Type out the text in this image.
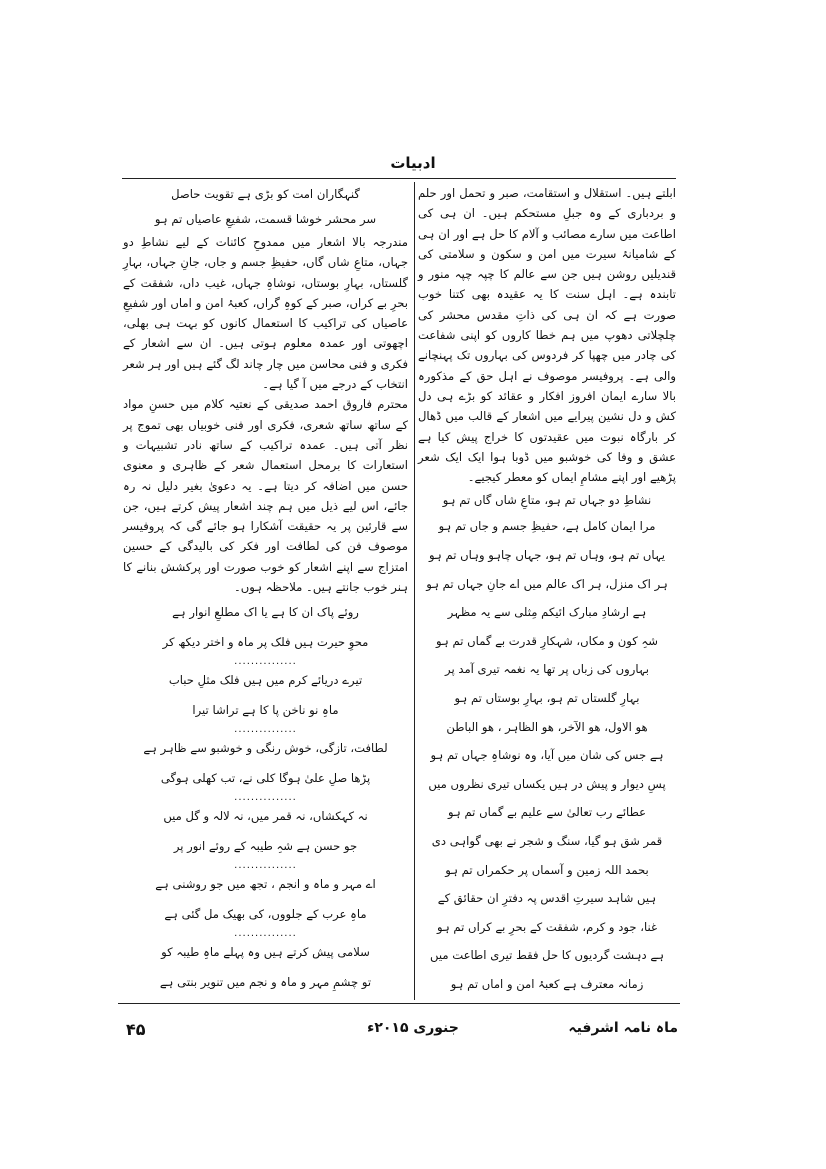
ادبیات

ابلتے ہیں۔ استقلال و استقامت، صبر و تحمل اور حلم و بردباری کے وہ جبلِ مستحکم ہیں۔ ان ہی کی اطاعت میں سارے مصائب و آلام کا حل ہے اور ان ہی کے شامیانۂ سیرت میں امن و سکون و سلامتی کی قندیلیں روشن ہیں جن سے عالم کا چپہ چپہ منور و تابندہ ہے۔ اہل سنت کا یہ عقیدہ بھی کتنا خوب صورت ہے کہ ان ہی کی ذاتِ مقدس محشر کی چلچلاتی دھوپ میں ہم خطا کاروں کو اپنی شفاعت کی چادر میں چھپا کر فردوس کی بہاروں تک پہنچانے والی ہے۔ پروفیسر موصوف نے اہل حق کے مذکورہ بالا سارے ایمان افروز افکار و عقائد کو بڑے ہی دل کش و دل نشین پیرایے میں اشعار کے قالب میں ڈھال کر بارگاہ نبوت میں عقیدتوں کا خراج پیش کیا ہے عشق و وفا کی خوشبو میں ڈوبا ہوا ایک ایک شعر پڑھیے اور اپنے مشامِ ایماں کو معطر کیجیے۔

نشاطِ دو جہاں تم ہو، متاعِ شاں گاں تم ہو
مرا ایمان کامل ہے، حفیظِ جسم و جاں تم ہو
یہاں تم ہو، وہاں تم ہو، جہاں چاہو وہاں تم ہو
ہر اک منزل، ہر اک عالم میں اے جانِ جہاں تم ہو
ہے ارشادِ مبارک ائیکم مِثلی سے یہ مظہر
شہِ کون و مکاں، شہکارِ قدرت بے گماں تم ہو
بہاروں کی زباں پر تھا یہ نغمہ تیری آمد پر
بہارِ گلستاں تم ہو، بہارِ بوستاں تم ہو
ھو الاول، ھو الآخر، ھو الظاہر ، ھو الباطن
ہے جس کی شان میں آیا، وہ نوشاہِ جہاں تم ہو
پسِ دیوار و پیش در ہیں یکساں تیری نظروں میں
عطائے رب تعالیٰ سے علیم بے گماں تم ہو
قمر شق ہو گیا، سنگ و شجر نے بھی گواہی دی
بحمد اللہ زمین و آسماں پر حکمراں تم ہو
ہیں شاہد سیرتِ اقدس پہ دفترِ ان حقائق کے
غنا، جود و کرم، شفقت کے بحرِ بے کراں تم ہو
ہے دہشت گردیوں کا حل فقط تیری اطاعت میں
زمانہ معترف ہے کعبۂ امن و اماں تم ہو
گنہگاران امت کو بڑی ہے تقویت حاصل
سر محشر خوشا قسمت، شفیعِ عاصیاں تم ہو

مندرجہ بالا اشعار میں ممدوحِ کائنات کے لیے نشاطِ دو جہاں، متاعِ شاں گاں، حفیظِ جسم و جاں، جانِ جہاں، بہارِ گلستاں، بہارِ بوستاں، نوشاہِ جہاں، غیب داں، شفقت کے بحرِ بے کراں، صبر کے کوہِ گراں، کعبۂ امن و اماں اور شفیعِ عاصیاں کی تراکیب کا استعمال کانوں کو بہت ہی بھلی، اچھوتی اور عمدہ معلوم ہوتی ہیں۔ ان سے اشعار کے فکری و فنی محاسن میں چار چاند لگ گئے ہیں اور ہر شعر انتخاب کے درجے میں آ گیا ہے۔

محترم فاروق احمد صدیقی کے نعتیہ کلام میں حسنِ مواد کے ساتھ ساتھ شعری، فکری اور فنی خوبیاں بھی تموج پر نظر آتی ہیں۔ عمدہ تراکیب کے ساتھ نادر تشبیہات و استعارات کا برمحل استعمال شعر کے ظاہری و معنوی حسن میں اضافہ کر دیتا ہے۔ یہ دعویٰ بغیر دلیل نہ رہ جائے، اس لیے ذیل میں ہم چند اشعار پیش کرتے ہیں، جن سے قارئین پر یہ حقیقت آشکارا ہو جائے گی کہ پروفیسر موصوف فن کی لطافت اور فکر کی بالیدگی کے حسین امتزاج سے اپنے اشعار کو خوب صورت اور پرکشش بنانے کا ہنر خوب جانتے ہیں۔ ملاحظہ ہوں۔

روئے پاک ان کا ہے یا اک مطلعِ انوار ہے
محوِ حیرت ہیں فلک پر ماہ و اختر دیکھ کر
...............
تیرے دریائے کرم میں ہیں فلک مثلِ حباب
ماہِ نو ناخن پا کا ہے تراشا تیرا
...............
لطافت، تازگی، خوش رنگی و خوشبو سے ظاہر ہے
پڑھا صلِ علیٰ ہوگا کلی نے، تب کھلی ہوگی
...............
نہ کہکشاں، نہ قمر میں، نہ لالہ و گل میں
جو حسن ہے شہِ طیبہ کے روئے انور پر
...............
اے مہر و ماہ و انجم ، تجھ میں جو روشنی ہے
ماہِ عرب کے جلووں، کی بھیک مل گئی ہے
...............
سلامی پیش کرتے ہیں وہ پہلے ماہِ طیبہ کو
تو چشمِ مہر و ماہ و نجم میں تنویر بنتی ہے
ماہ نامہ اشرفیہ
جنوری ۲۰۱۵ء
۴۵
